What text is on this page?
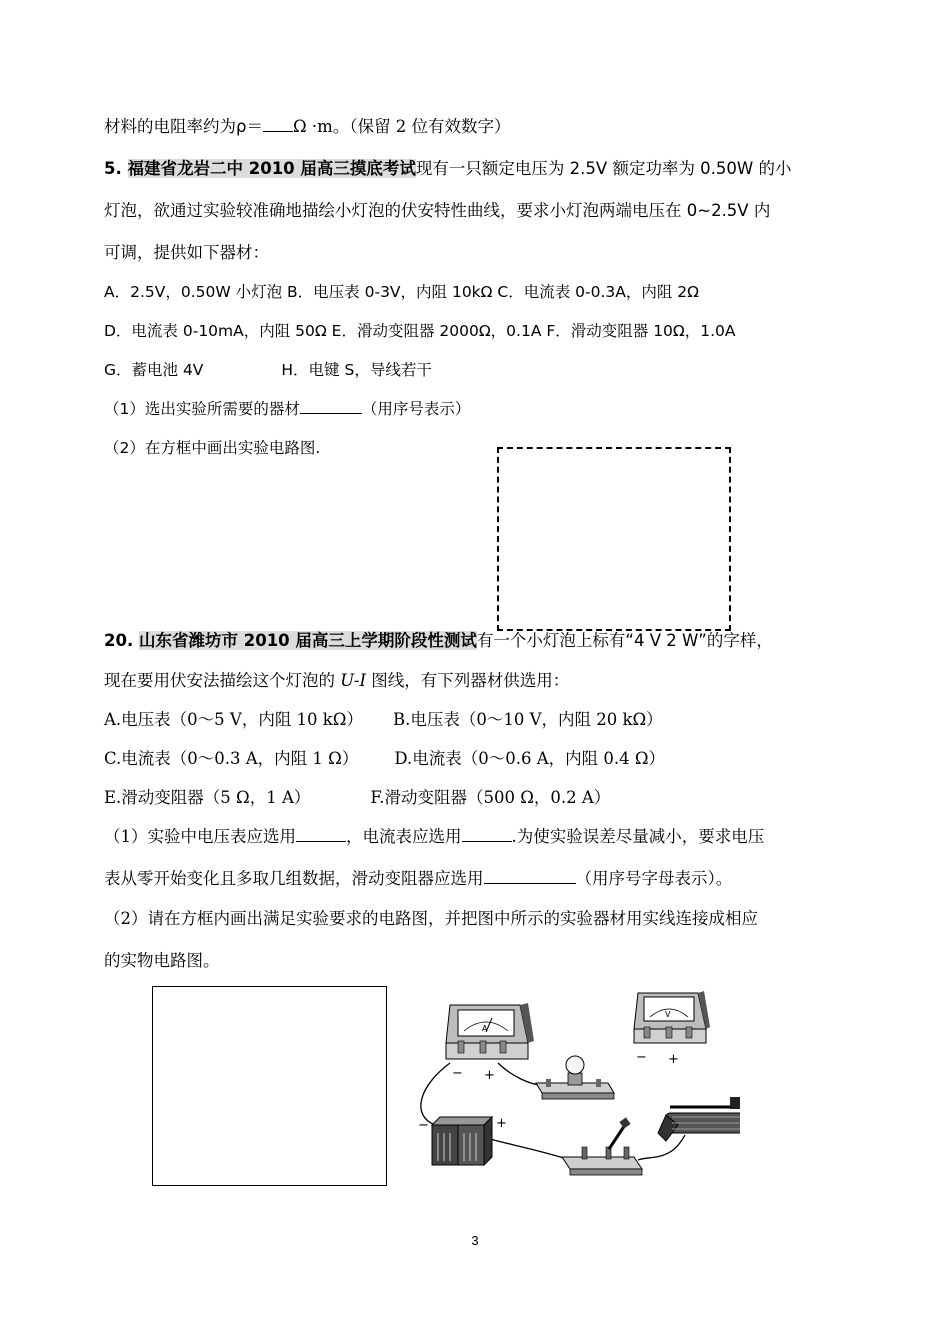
材料的电阻率约为ρ＝ Ω ·m。（保留 2 位有效数字）
5. 福建省龙岩二中 2010 届高三摸底考试现有一只额定电压为 2.5V 额定功率为 0.50W 的小
灯泡，欲通过实验较准确地描绘小灯泡的伏安特性曲线，要求小灯泡两端电压在 0~2.5V 内
可调，提供如下器材：
A．2.5V，0.50W 小灯泡 B．电压表 0-3V，内阻 10kΩ C．电流表 0-0.3A，内阻 2Ω
D．电流表 0-10mA，内阻 50Ω E．滑动变阻器 2000Ω，0.1A F．滑动变阻器 10Ω，1.0A
G．蓄电池 4V	H．电键 S，导线若干
（1）选出实验所需要的器材	（用序号表示）
（2）在方框中画出实验电路图.
20. 山东省潍坊市 2010 届高三上学期阶段性测试有一个小灯泡上标有“4 V 2 W”的字样，
现在要用伏安法描绘这个灯泡的 U-I 图线，有下列器材供选用：
A.电压表（0～5 V，内阻 10 kΩ） B.电压表（0～10 V，内阻 20 kΩ）
C.电流表（0～0.3 A，内阻 1 Ω） D.电流表（0～0.6 A，内阻 0.4 Ω）
E.滑动变阻器（5 Ω，1 A）	F.滑动变阻器（500 Ω，0.2 A）
（1）实验中电压表应选用	，电流表应选用	.为使实验误差尽量减小，要求电压
表从零开始变化且多取几组数据，滑动变阻器应选用	（用序号字母表示）。
（2）请在方框内画出满足实验要求的电路图，并把图中所示的实验器材用实线连接成相应
的实物电路图。
A
− +
V
− +
−	+
3
